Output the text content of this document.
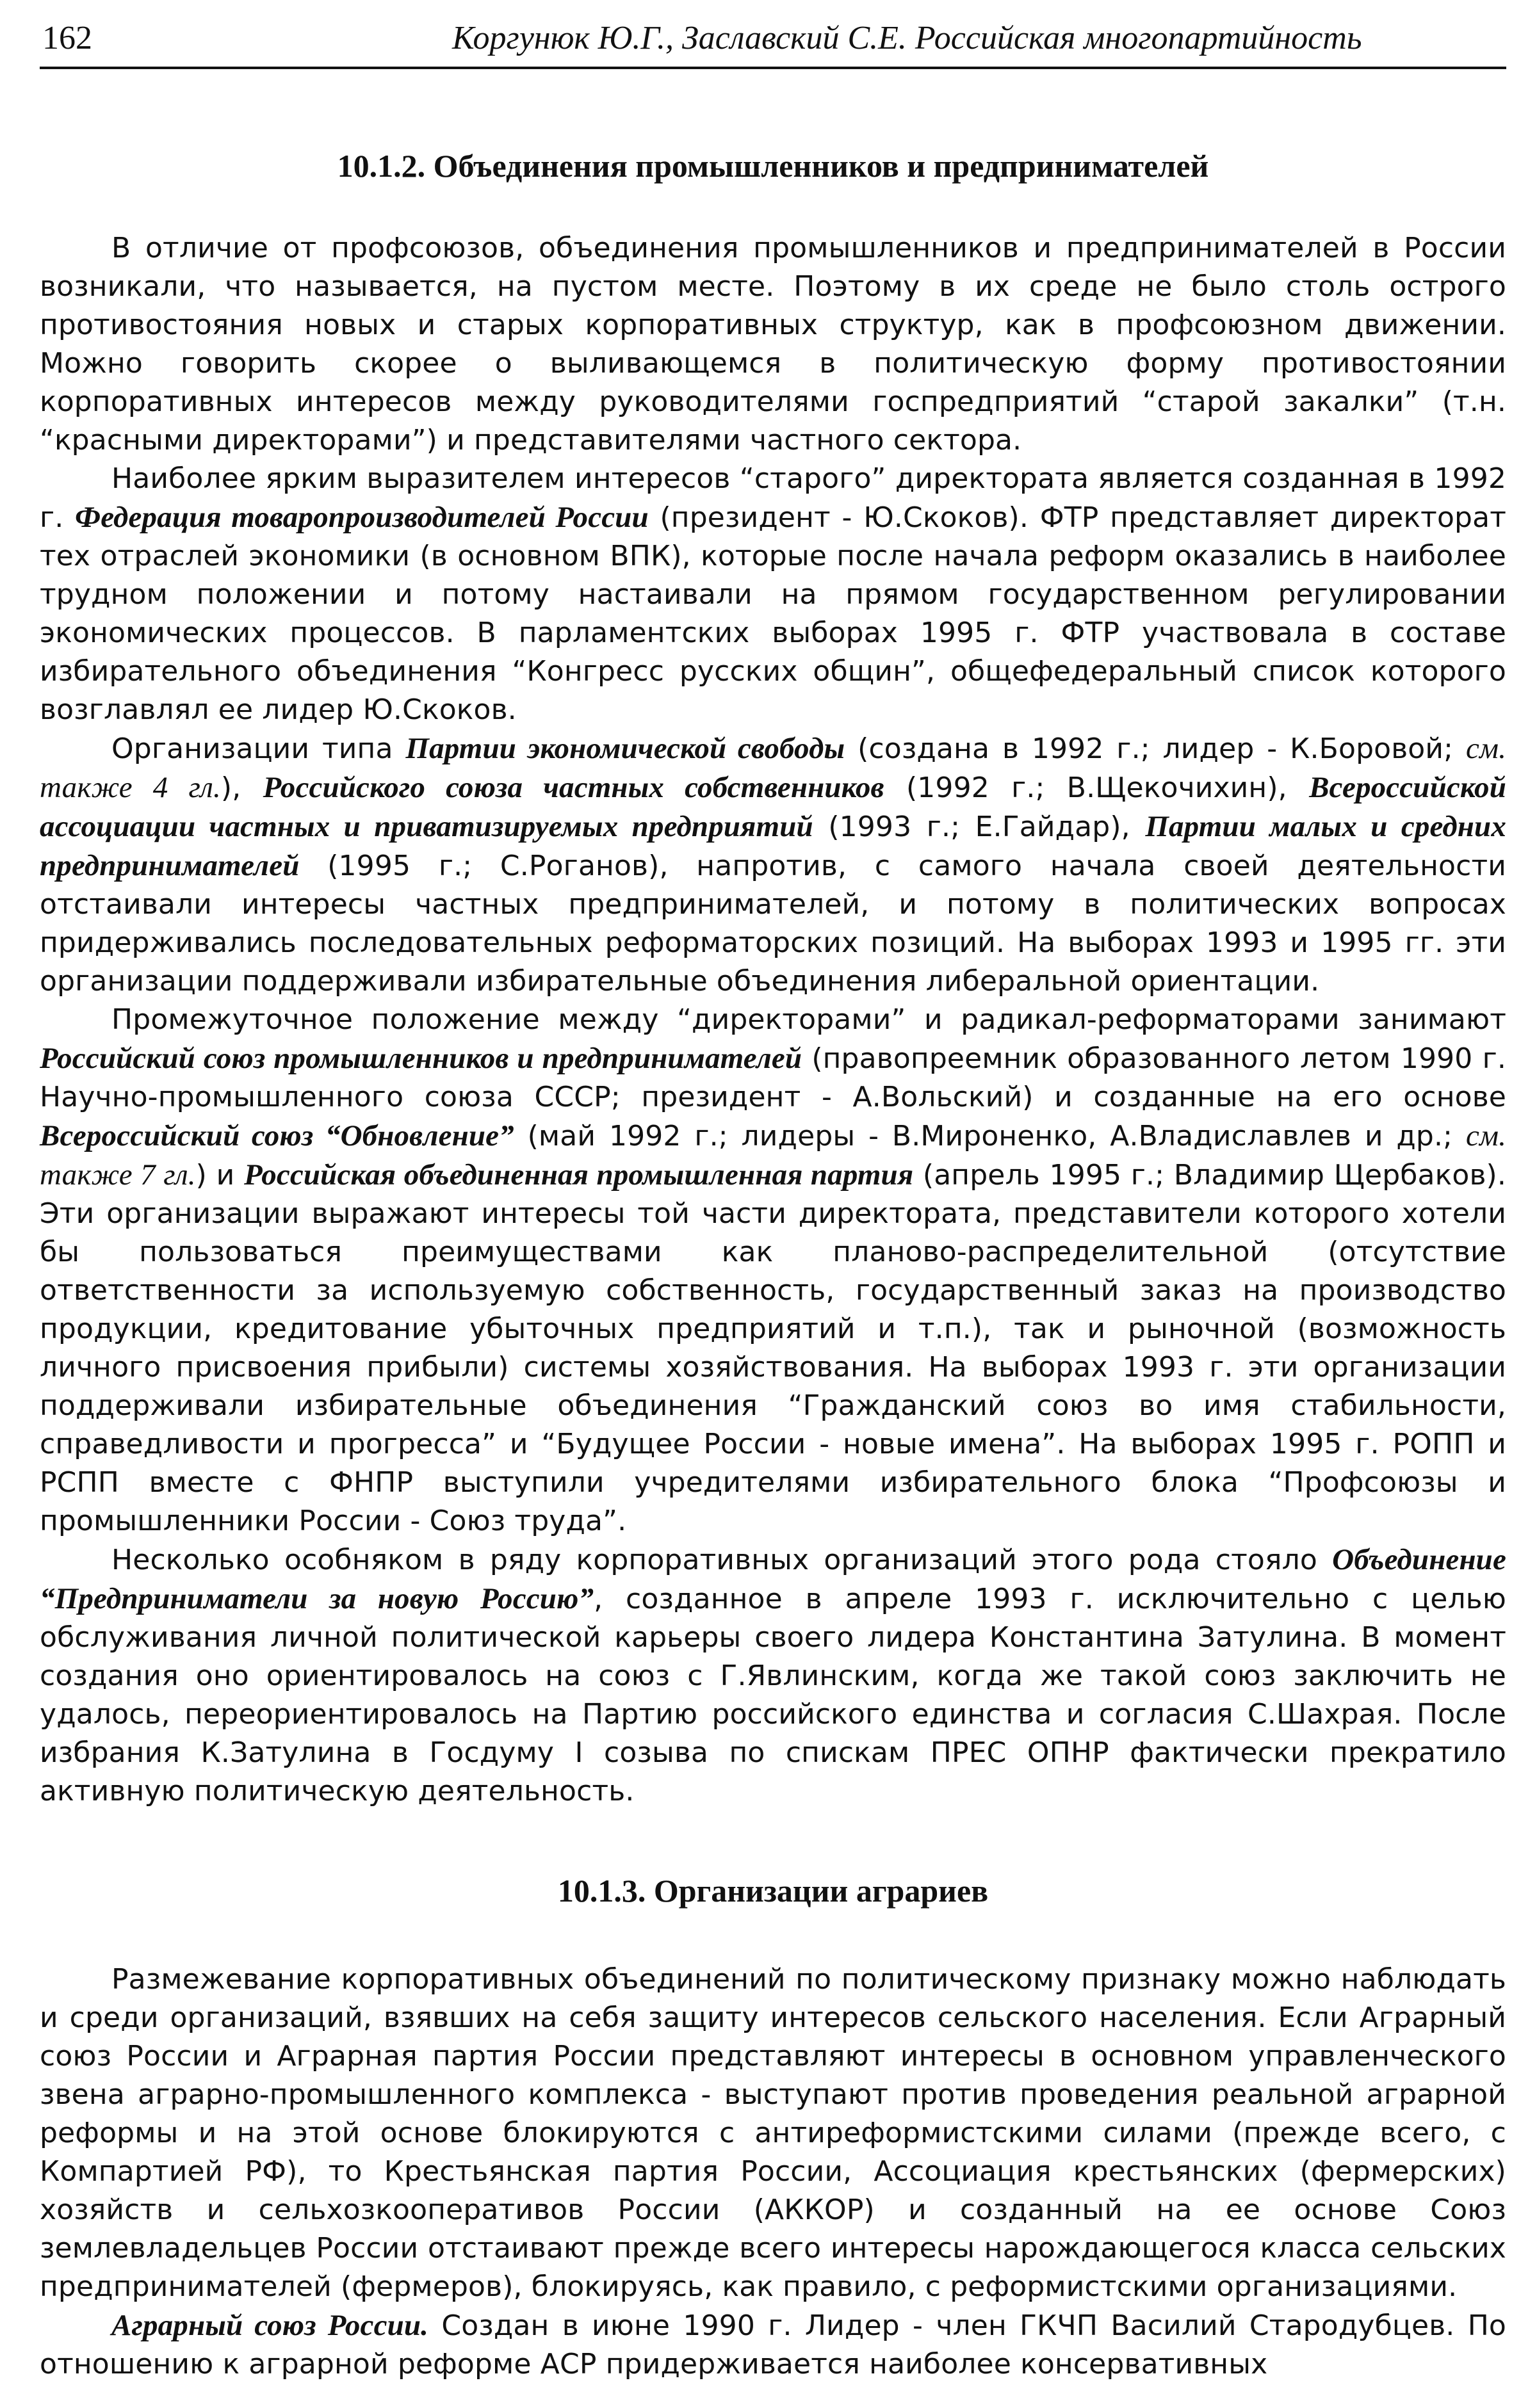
162	Коргунюк Ю.Г., Заславский С.Е. Российская многопартийность
10.1.2. Объединения промышленников и предпринимателей

В отличие от профсоюзов, объединения промышленников и предпринимателей в России возникали, что называется, на пустом месте. Поэтому в их среде не было столь острого противостояния новых и старых корпоративных структур, как в профсоюзном движении. Можно говорить скорее о выливающемся в политическую форму противостоянии корпоративных интересов между руководителями госпредприятий “старой закалки” (т.н. “красными директорами”) и представителями частного сектора.

Наиболее ярким выразителем интересов “старого” директората является созданная в 1992 г. Федерация товаропроизводителей России (президент - Ю.Скоков). ФТР представляет директорат тех отраслей экономики (в основном ВПК), которые после начала реформ оказались в наиболее трудном положении и потому настаивали на прямом государственном регулировании экономических процессов. В парламентских выборах 1995 г. ФТР участвовала в составе избирательного объединения “Конгресс русских общин”, общефедеральный список которого возглавлял ее лидер Ю.Скоков.

Организации типа Партии экономической свободы (создана в 1992 г.; лидер - К.Боровой; см. также 4 гл.), Российского союза частных собственников (1992 г.; В.Щекочихин), Всероссийской ассоциации частных и приватизируемых предприятий (1993 г.; Е.Гайдар), Партии малых и средних предпринимателей (1995 г.; С.Роганов), напротив, с самого начала своей деятельности отстаивали интересы частных предпринимателей, и потому в политических вопросах придерживались последовательных реформаторских позиций. На выборах 1993 и 1995 гг. эти организации поддерживали избирательные объединения либеральной ориентации.

Промежуточное положение между “директорами” и радикал-реформаторами занимают Российский союз промышленников и предпринимателей (правопреемник образованного летом 1990 г. Научно-промышленного союза СССР; президент - А.Вольский) и созданные на его основе Всероссийский союз “Обновление” (май 1992 г.; лидеры - В.Мироненко, А.Владиславлев и др.; см. также 7 гл.) и Российская объединенная промышленная партия (апрель 1995 г.; Владимир Щербаков). Эти организации выражают интересы той части директората, представители которого хотели бы пользоваться преимуществами как планово-распределительной (отсутствие ответственности за используемую собственность, государственный заказ на производство продукции, кредитование убыточных предприятий и т.п.), так и рыночной (возможность личного присвоения прибыли) системы хозяйствования. На выборах 1993 г. эти организации поддерживали избирательные объединения “Гражданский союз во имя стабильности, справедливости и прогресса” и “Будущее России - новые имена”. На выборах 1995 г. РОПП и РСПП вместе с ФНПР выступили учредителями избирательного блока “Профсоюзы и промышленники России - Союз труда”.

Несколько особняком в ряду корпоративных организаций этого рода стояло Объединение “Предприниматели за новую Россию”, созданное в апреле 1993 г. исключительно с целью обслуживания личной политической карьеры своего лидера Константина Затулина. В момент создания оно ориентировалось на союз с Г.Явлинским, когда же такой союз заключить не удалось, переориентировалось на Партию российского единства и согласия С.Шахрая. После избрания К.Затулина в Госдуму I созыва по спискам ПРЕС ОПНР фактически прекратило активную политическую деятельность.

10.1.3. Организации аграриев

Размежевание корпоративных объединений по политическому признаку можно наблюдать и среди организаций, взявших на себя защиту интересов сельского населения. Если Аграрный союз России и Аграрная партия России представляют интересы в основном управленческого звена аграрно-промышленного комплекса - выступают против проведения реальной аграрной реформы и на этой основе блокируются с антиреформистскими силами (прежде всего, с Компартией РФ), то Крестьянская партия России, Ассоциация крестьянских (фермерских) хозяйств и сельхозкооперативов России (АККОР) и созданный на ее основе Союз землевладельцев России отстаивают прежде всего интересы нарождающегося класса сельских предпринимателей (фермеров), блокируясь, как правило, с реформистскими организациями.

Аграрный союз России. Создан в июне 1990 г. Лидер - член ГКЧП Василий Стародубцев. По отношению к аграрной реформе АСР придерживается наиболее консервативных
